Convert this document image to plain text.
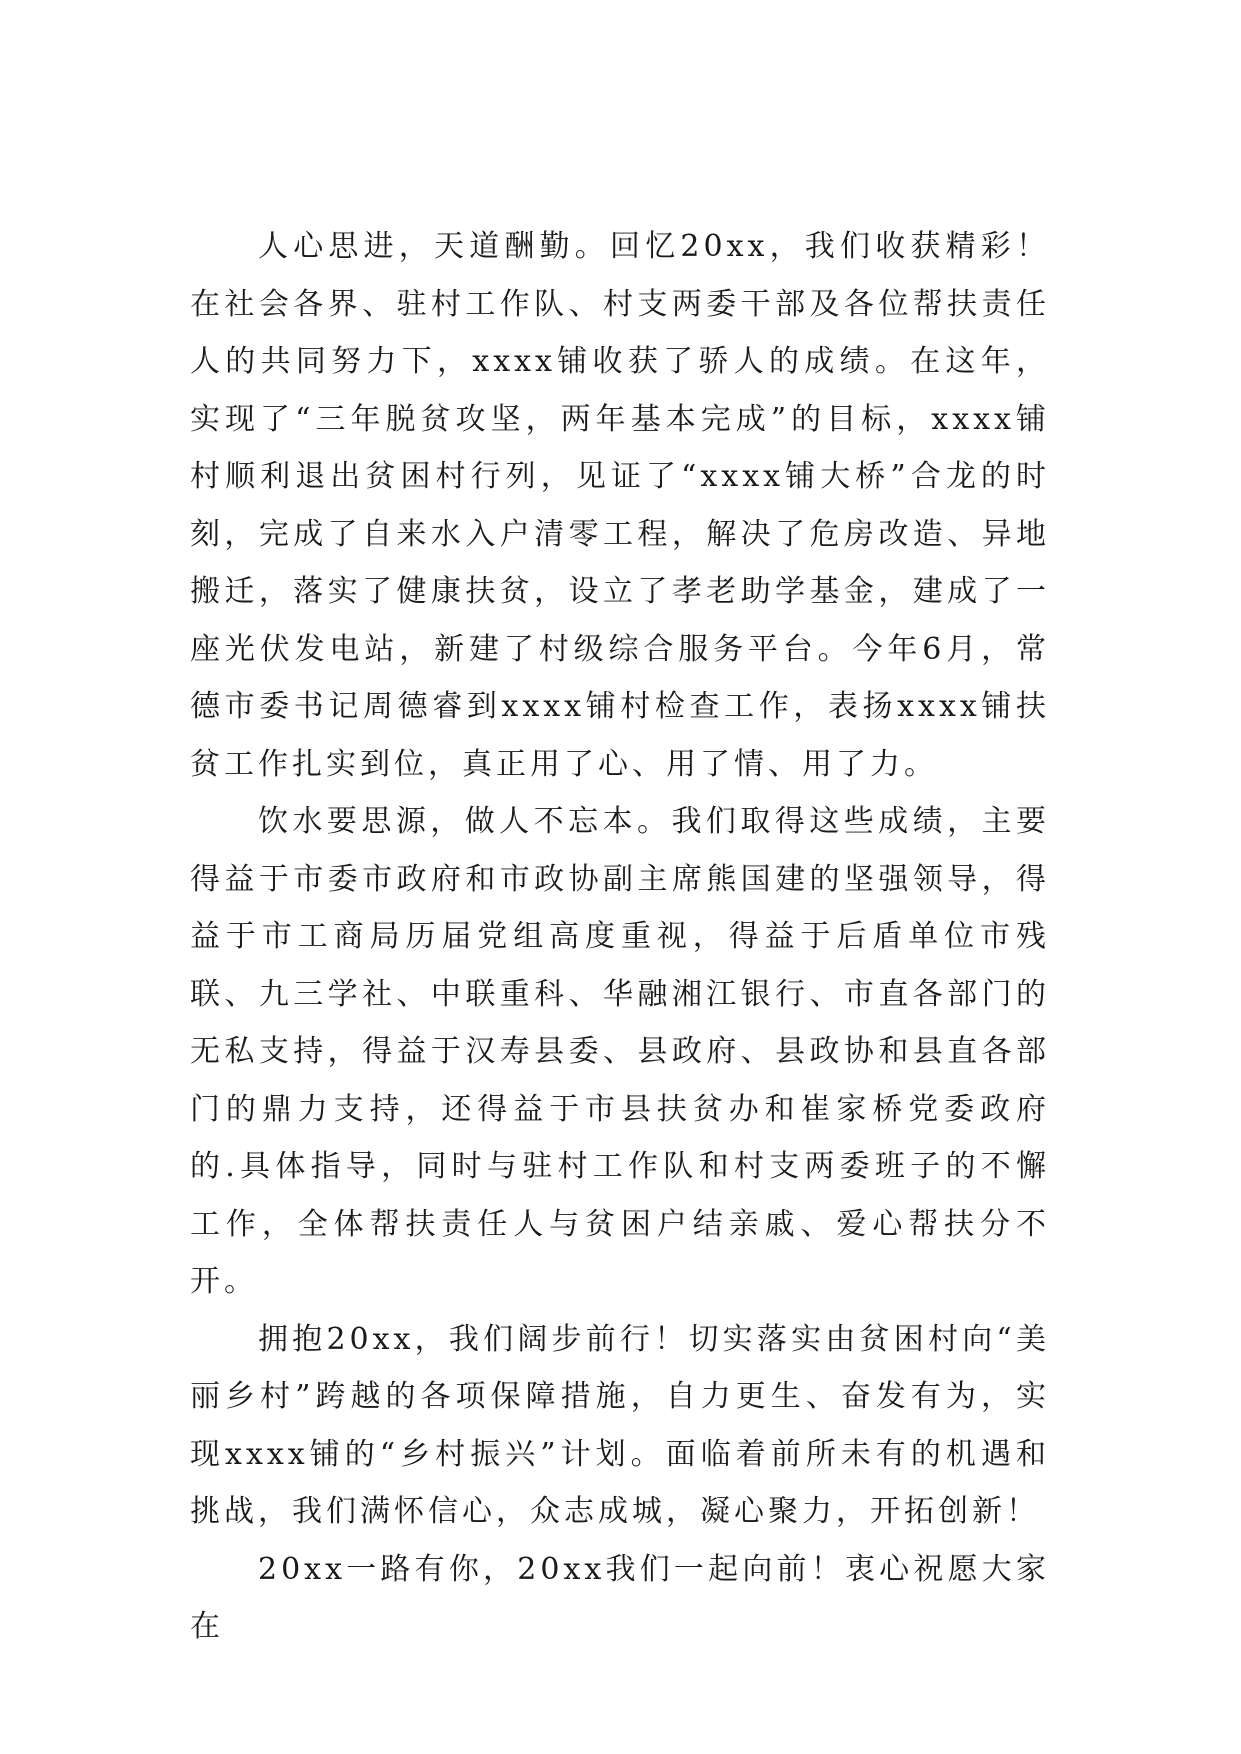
人心思进，天道酬勤。回忆20xx，我们收获精彩！在社会各界、驻村工作队、村支两委干部及各位帮扶责任人的共同努力下，xxxx铺收获了骄人的成绩。在这年，实现了“三年脱贫攻坚，两年基本完成”的目标，xxxx铺村顺利退出贫困村行列，见证了“xxxx铺大桥”合龙的时刻，完成了自来水入户清零工程，解决了危房改造、异地搬迁，落实了健康扶贫，设立了孝老助学基金，建成了一座光伏发电站，新建了村级综合服务平台。今年6月，常德市委书记周德睿到xxxx铺村检查工作，表扬xxxx铺扶贫工作扎实到位，真正用了心、用了情、用了力。

饮水要思源，做人不忘本。我们取得这些成绩，主要得益于市委市政府和市政协副主席熊国建的坚强领导，得益于市工商局历届党组高度重视，得益于后盾单位市残联、九三学社、中联重科、华融湘江银行、市直各部门的无私支持，得益于汉寿县委、县政府、县政协和县直各部门的鼎力支持，还得益于市县扶贫办和崔家桥党委政府的.具体指导，同时与驻村工作队和村支两委班子的不懈工作，全体帮扶责任人与贫困户结亲戚、爱心帮扶分不开。

拥抱20xx，我们阔步前行！切实落实由贫困村向“美丽乡村”跨越的各项保障措施，自力更生、奋发有为，实现xxxx铺的“乡村振兴”计划。面临着前所未有的机遇和挑战，我们满怀信心，众志成城，凝心聚力，开拓创新！

20xx一路有你，20xx我们一起向前！衷心祝愿大家在
